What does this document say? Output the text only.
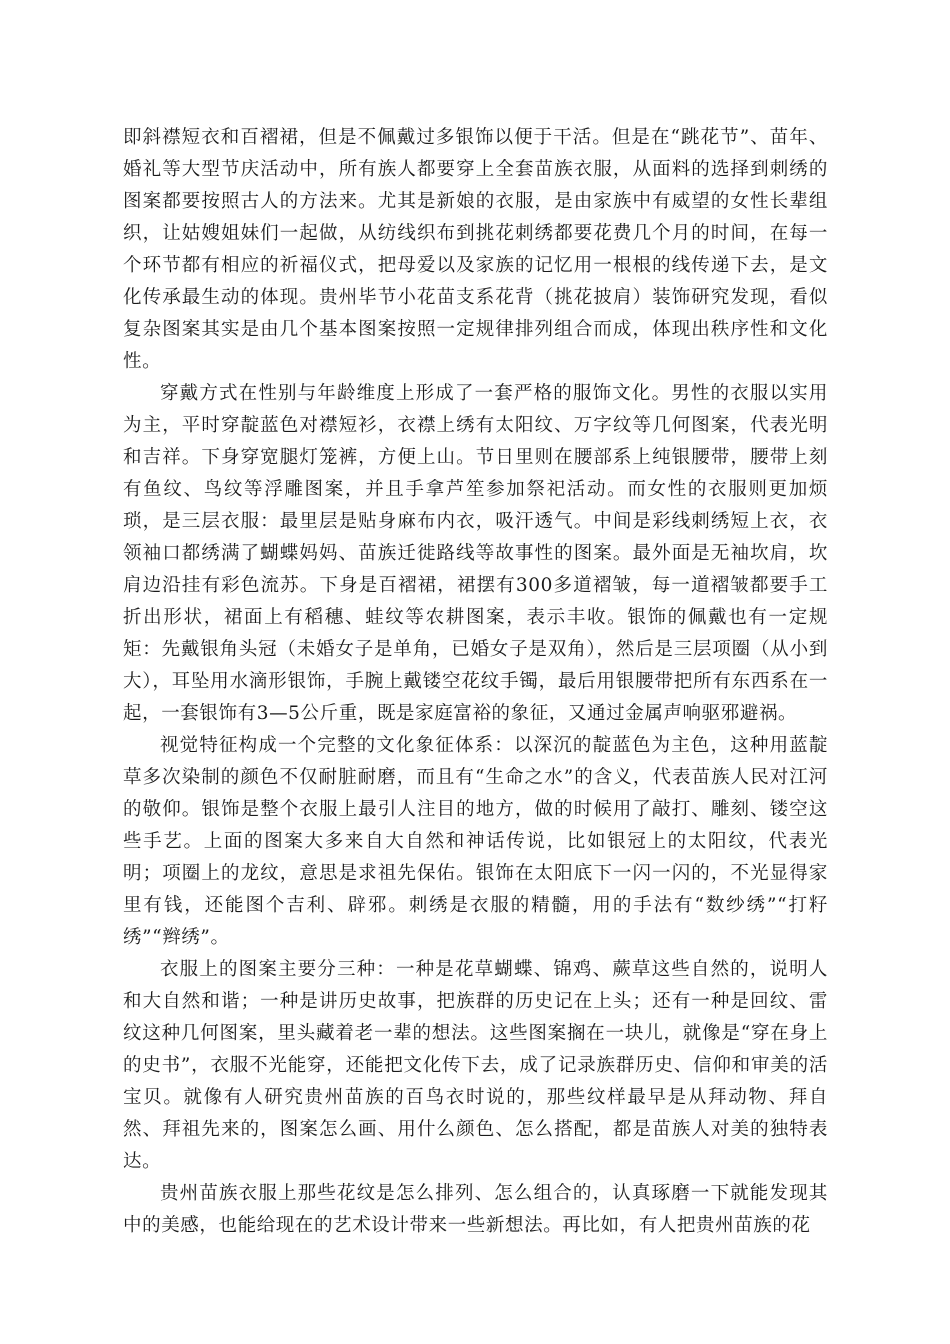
即斜襟短衣和百褶裙，但是不佩戴过多银饰以便于干活。但是在“跳花节”、苗年、婚礼等大型节庆活动中，所有族人都要穿上全套苗族衣服，从面料的选择到刺绣的图案都要按照古人的方法来。尤其是新娘的衣服，是由家族中有威望的女性长辈组织，让姑嫂姐妹们一起做，从纺线织布到挑花刺绣都要花费几个月的时间，在每一个环节都有相应的祈福仪式，把母爱以及家族的记忆用一根根的线传递下去，是文化传承最生动的体现。贵州毕节小花苗支系花背（挑花披肩）装饰研究发现，看似复杂图案其实是由几个基本图案按照一定规律排列组合而成，体现出秩序性和文化性。

穿戴方式在性别与年龄维度上形成了一套严格的服饰文化。男性的衣服以实用为主，平时穿靛蓝色对襟短衫，衣襟上绣有太阳纹、万字纹等几何图案，代表光明和吉祥。下身穿宽腿灯笼裤，方便上山。节日里则在腰部系上纯银腰带，腰带上刻有鱼纹、鸟纹等浮雕图案，并且手拿芦笙参加祭祀活动。而女性的衣服则更加烦琐，是三层衣服：最里层是贴身麻布内衣，吸汗透气。中间是彩线刺绣短上衣，衣领袖口都绣满了蝴蝶妈妈、苗族迁徙路线等故事性的图案。最外面是无袖坎肩，坎肩边沿挂有彩色流苏。下身是百褶裙，裙摆有300多道褶皱，每一道褶皱都要手工折出形状，裙面上有稻穗、蛙纹等农耕图案，表示丰收。银饰的佩戴也有一定规矩：先戴银角头冠（未婚女子是单角，已婚女子是双角），然后是三层项圈（从小到大），耳坠用水滴形银饰，手腕上戴镂空花纹手镯，最后用银腰带把所有东西系在一起，一套银饰有3—5公斤重，既是家庭富裕的象征，又通过金属声响驱邪避祸。

视觉特征构成一个完整的文化象征体系：以深沉的靛蓝色为主色，这种用蓝靛草多次染制的颜色不仅耐脏耐磨，而且有“生命之水”的含义，代表苗族人民对江河的敬仰。银饰是整个衣服上最引人注目的地方，做的时候用了敲打、雕刻、镂空这些手艺。上面的图案大多来自大自然和神话传说，比如银冠上的太阳纹，代表光明；项圈上的龙纹，意思是求祖先保佑。银饰在太阳底下一闪一闪的，不光显得家里有钱，还能图个吉利、辟邪。刺绣是衣服的精髓，用的手法有“数纱绣”“打籽绣”“辫绣”。

衣服上的图案主要分三种：一种是花草蝴蝶、锦鸡、蕨草这些自然的，说明人和大自然和谐；一种是讲历史故事，把族群的历史记在上头；还有一种是回纹、雷纹这种几何图案，里头藏着老一辈的想法。这些图案搁在一块儿，就像是“穿在身上的史书”，衣服不光能穿，还能把文化传下去，成了记录族群历史、信仰和审美的活宝贝。就像有人研究贵州苗族的百鸟衣时说的，那些纹样最早是从拜动物、拜自然、拜祖先来的，图案怎么画、用什么颜色、怎么搭配，都是苗族人对美的独特表达。

贵州苗族衣服上那些花纹是怎么排列、怎么组合的，认真琢磨一下就能发现其中的美感，也能给现在的艺术设计带来一些新想法。再比如，有人把贵州苗族的花
